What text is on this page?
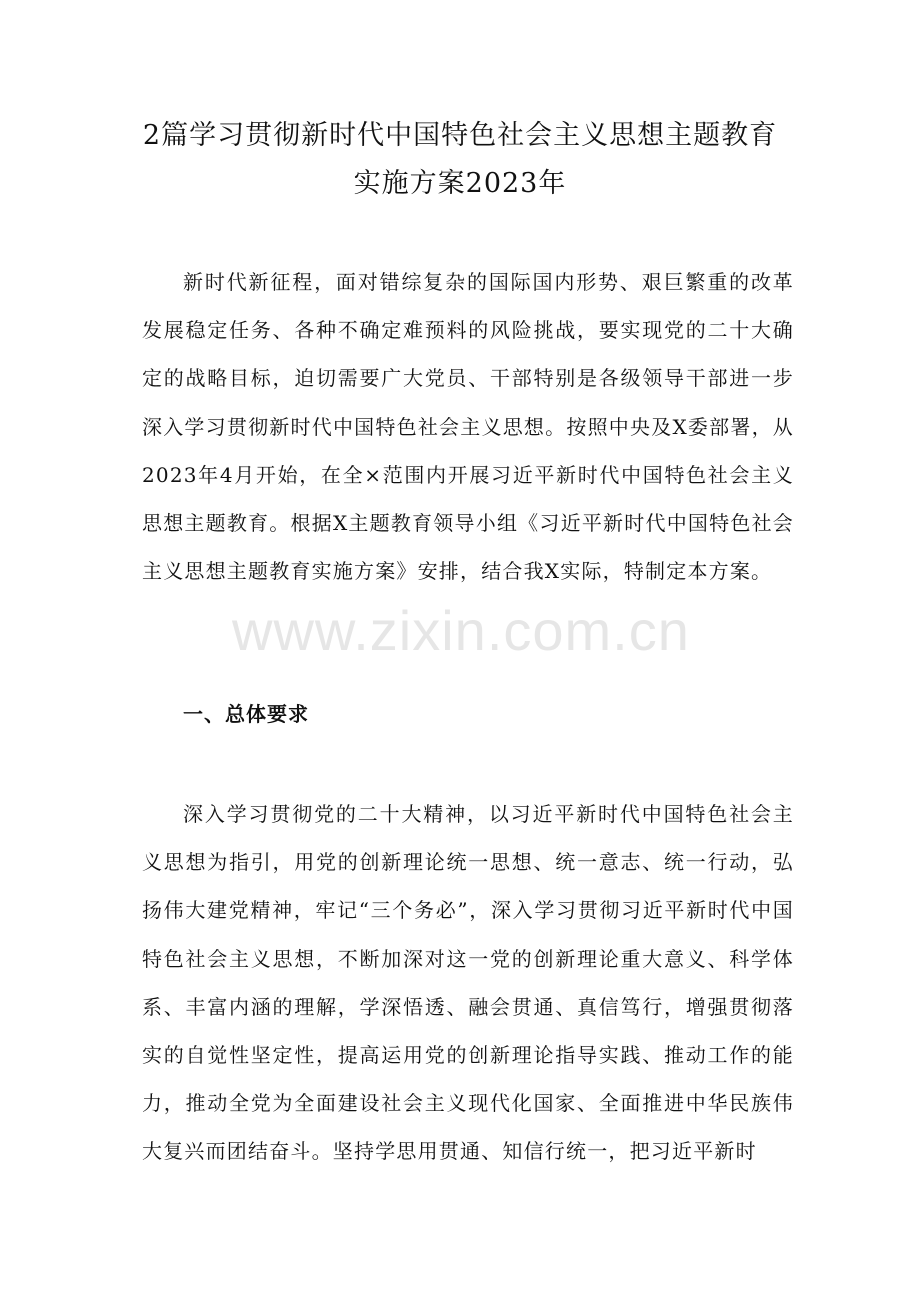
2篇学习贯彻新时代中国特色社会主义思想主题教育
实施方案2023年

新时代新征程，面对错综复杂的国际国内形势、艰巨繁重的改革发展稳定任务、各种不确定难预料的风险挑战，要实现党的二十大确定的战略目标，迫切需要广大党员、干部特别是各级领导干部进一步深入学习贯彻新时代中国特色社会主义思想。按照中央及X委部署，从2023年4月开始，在全×范围内开展习近平新时代中国特色社会主义思想主题教育。根据X主题教育领导小组《习近平新时代中国特色社会主义思想主题教育实施方案》安排，结合我X实际，特制定本方案。

一、总体要求

深入学习贯彻党的二十大精神，以习近平新时代中国特色社会主义思想为指引，用党的创新理论统一思想、统一意志、统一行动，弘扬伟大建党精神，牢记“三个务必”，深入学习贯彻习近平新时代中国特色社会主义思想，不断加深对这一党的创新理论重大意义、科学体系、丰富内涵的理解，学深悟透、融会贯通、真信笃行，增强贯彻落实的自觉性坚定性，提高运用党的创新理论指导实践、推动工作的能力，推动全党为全面建设社会主义现代化国家、全面推进中华民族伟大复兴而团结奋斗。坚持学思用贯通、知信行统一，把习近平新时

www.zixin.com.cn
